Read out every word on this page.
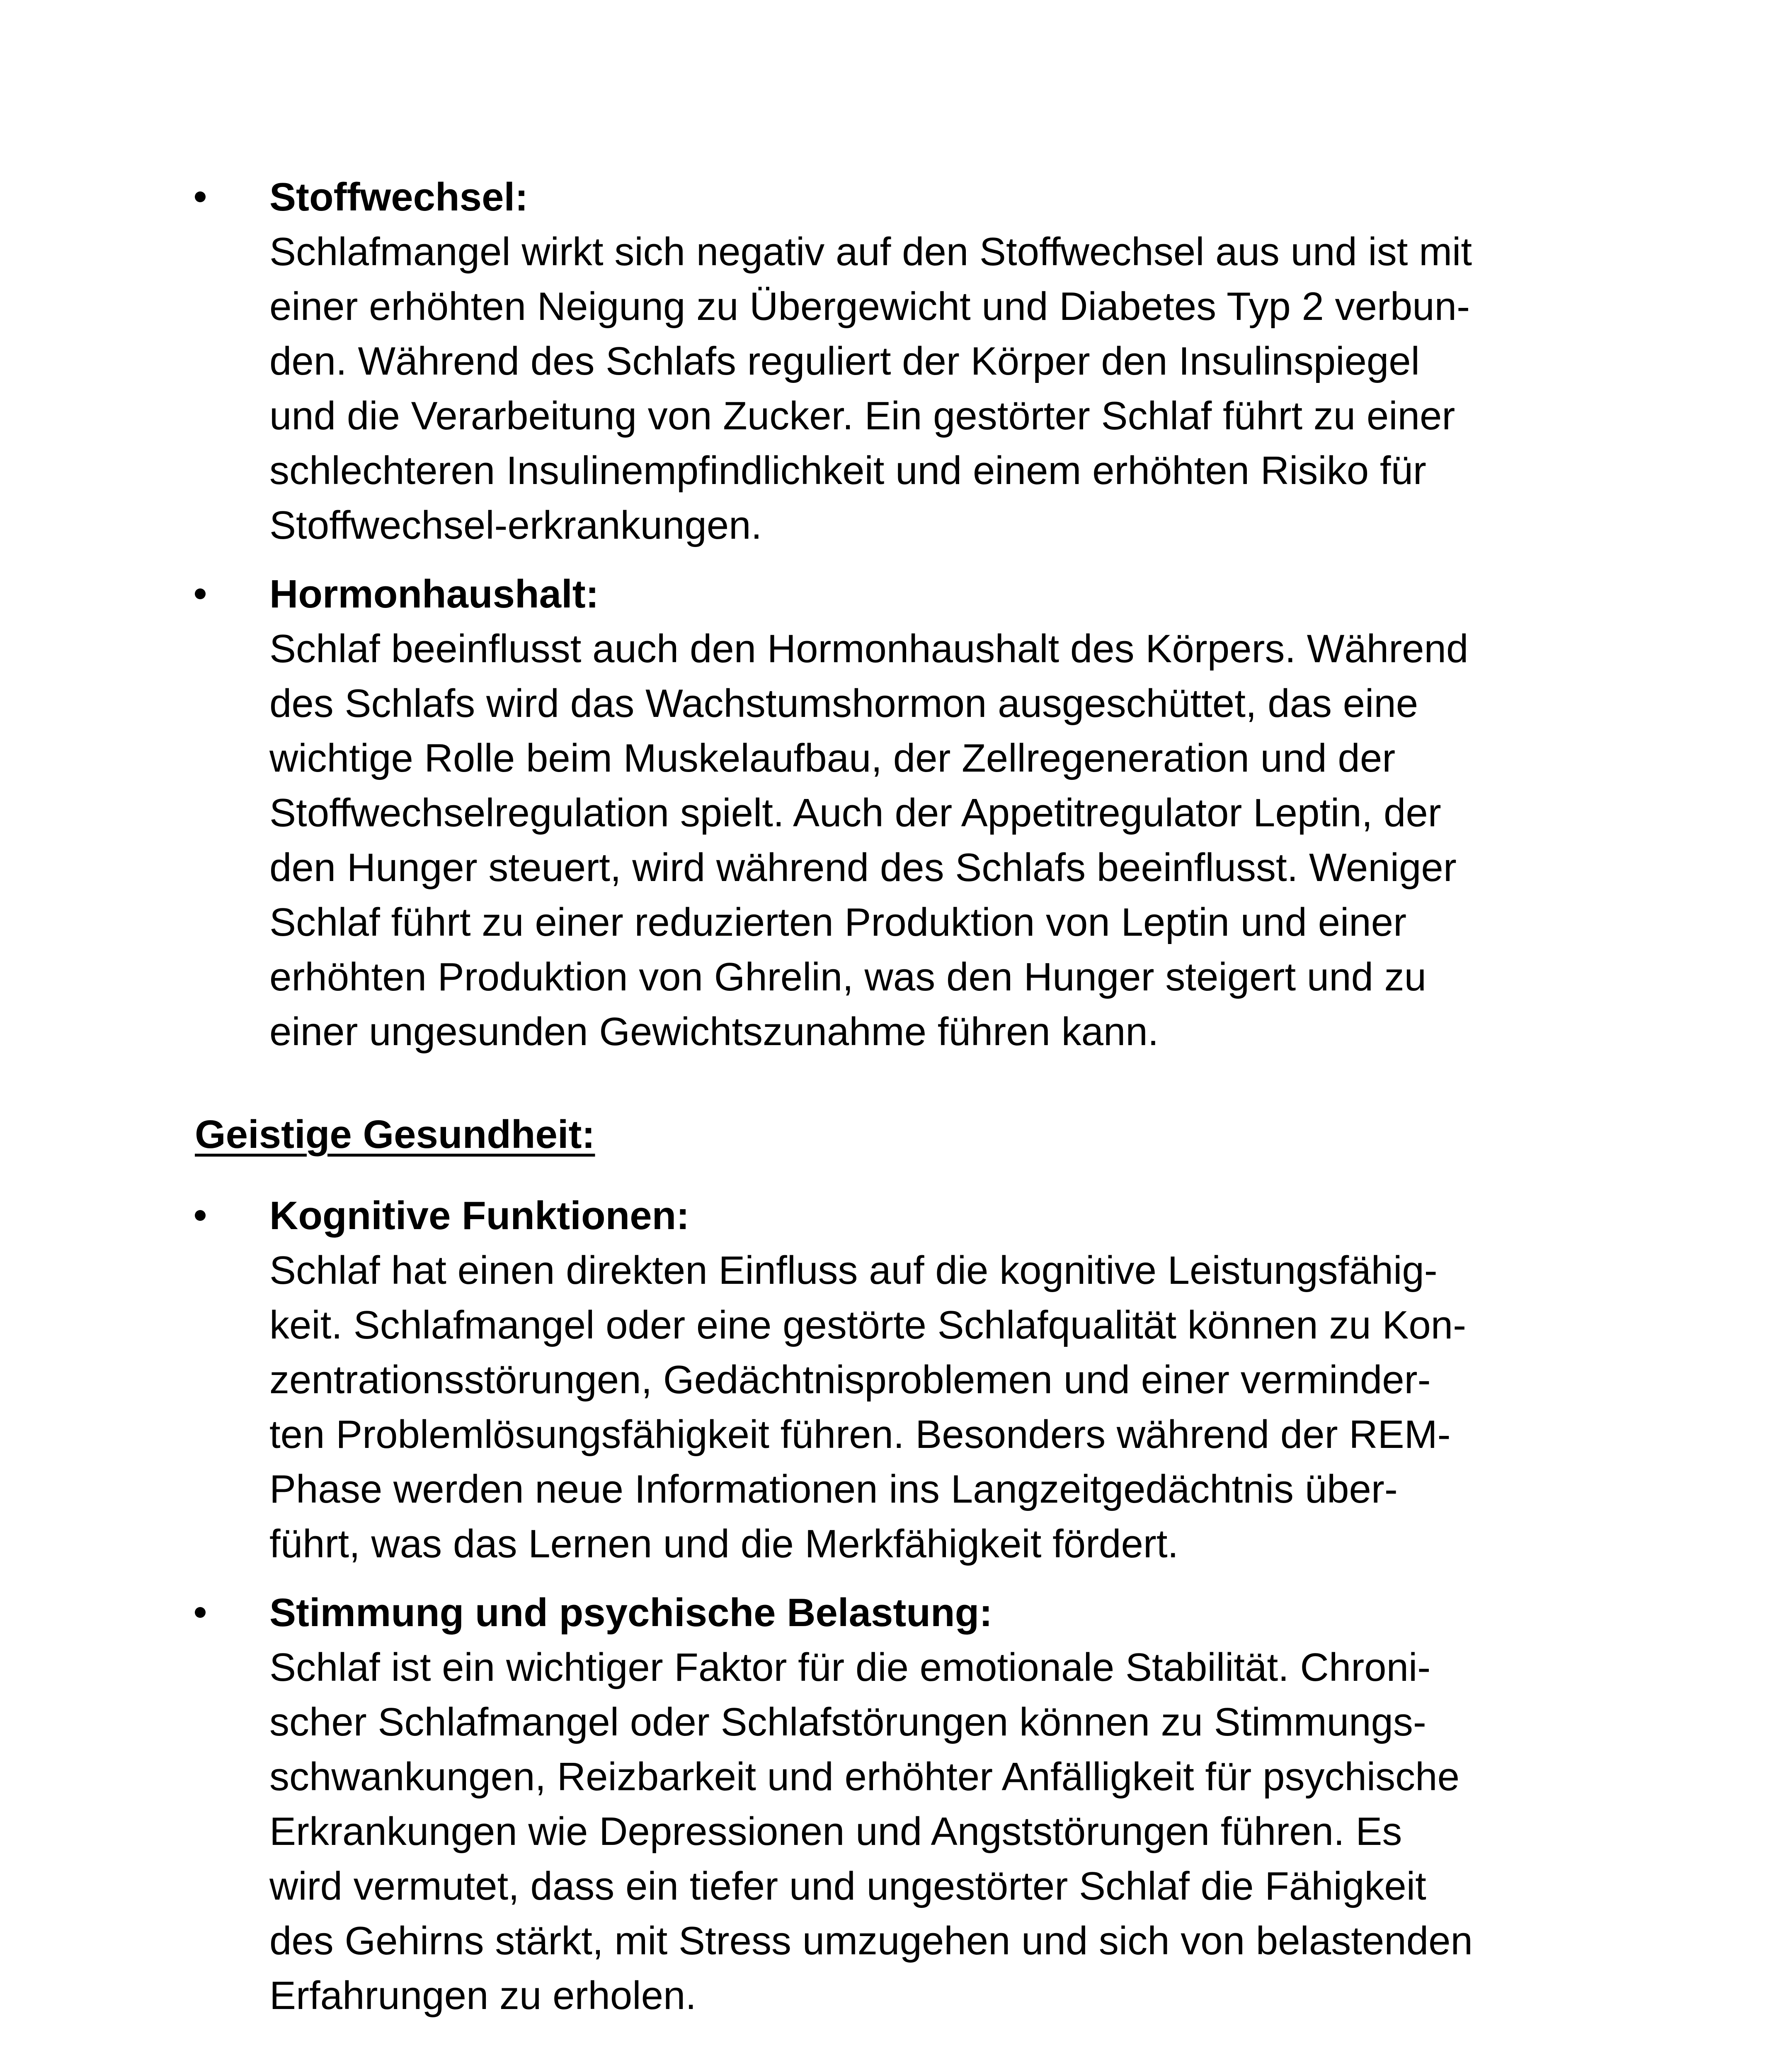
Stoffwechsel:
Schlafmangel wirkt sich negativ auf den Stoffwechsel aus und ist mit
einer erhöhten Neigung zu Übergewicht und Diabetes Typ 2 verbun-
den. Während des Schlafs reguliert der Körper den Insulinspiegel
und die Verarbeitung von Zucker. Ein gestörter Schlaf führt zu einer
schlechteren Insulinempfindlichkeit und einem erhöhten Risiko für
Stoffwechsel-erkrankungen.
Hormonhaushalt:
Schlaf beeinflusst auch den Hormonhaushalt des Körpers. Während
des Schlafs wird das Wachstumshormon ausgeschüttet, das eine
wichtige Rolle beim Muskelaufbau, der Zellregeneration und der
Stoffwechselregulation spielt. Auch der Appetitregulator Leptin, der
den Hunger steuert, wird während des Schlafs beeinflusst. Weniger
Schlaf führt zu einer reduzierten Produktion von Leptin und einer
erhöhten Produktion von Ghrelin, was den Hunger steigert und zu
einer ungesunden Gewichtszunahme führen kann.
Geistige Gesundheit:
Kognitive Funktionen:
Schlaf hat einen direkten Einfluss auf die kognitive Leistungsfähig-
keit. Schlafmangel oder eine gestörte Schlafqualität können zu Kon-
zentrationsstörungen, Gedächtnisproblemen und einer verminder-
ten Problemlösungsfähigkeit führen. Besonders während der REM-
Phase werden neue Informationen ins Langzeitgedächtnis über-
führt, was das Lernen und die Merkfähigkeit fördert.
Stimmung und psychische Belastung:
Schlaf ist ein wichtiger Faktor für die emotionale Stabilität. Chroni-
scher Schlafmangel oder Schlafstörungen können zu Stimmungs-
schwankungen, Reizbarkeit und erhöhter Anfälligkeit für psychische
Erkrankungen wie Depressionen und Angststörungen führen. Es
wird vermutet, dass ein tiefer und ungestörter Schlaf die Fähigkeit
des Gehirns stärkt, mit Stress umzugehen und sich von belastenden
Erfahrungen zu erholen.
